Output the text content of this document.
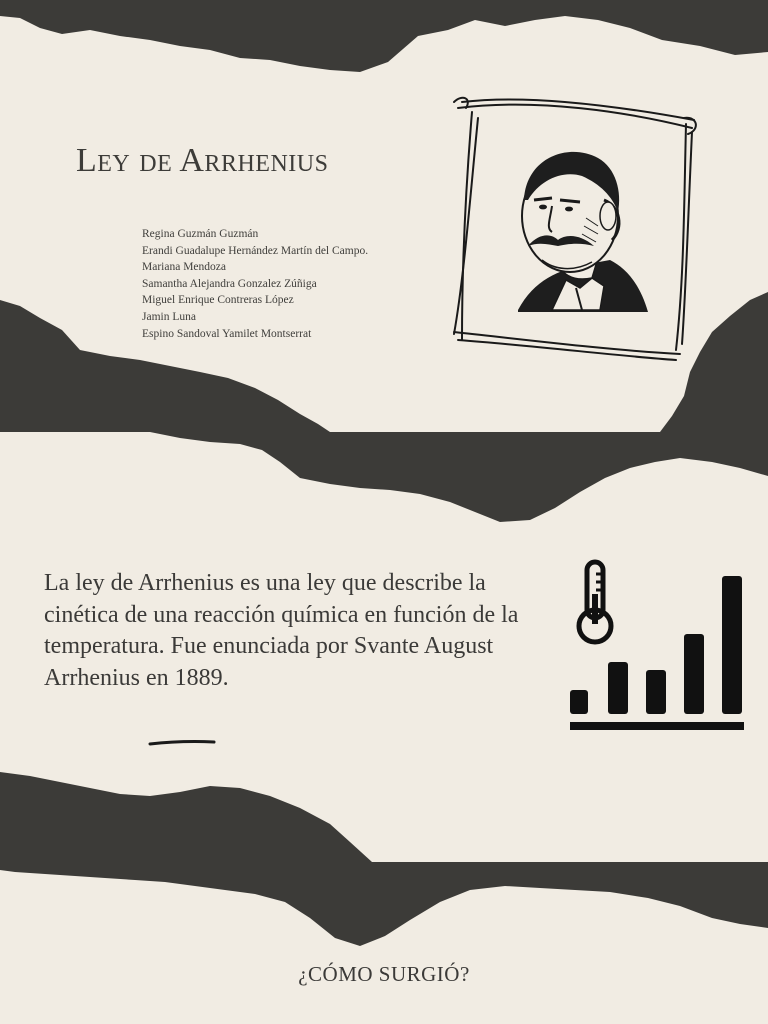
Ley de Arrhenius
Regina Guzmán Guzmán
Erandi Guadalupe Hernández Martín del Campo.
Mariana Mendoza
Samantha Alejandra Gonzalez Zúñiga
Miguel Enrique Contreras López
Jamin Luna
Espino Sandoval Yamilet Montserrat
La ley de Arrhenius es una ley que describe la cinética de una reacción química en función de la temperatura. Fue enunciada por Svante August Arrhenius en 1889.
¿CÓMO SURGIÓ?
